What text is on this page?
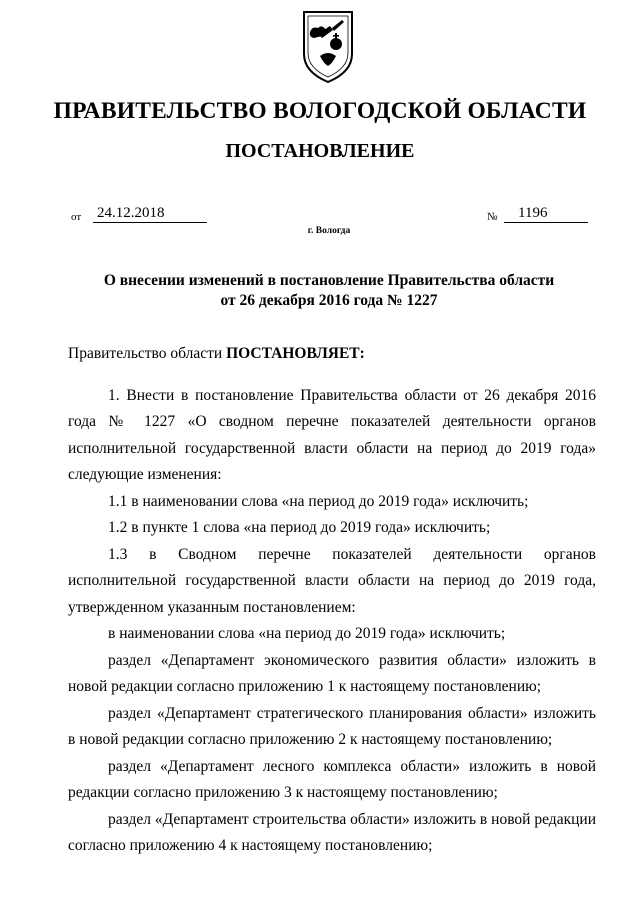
ПРАВИТЕЛЬСТВО ВОЛОГОДСКОЙ ОБЛАСТИ
ПОСТАНОВЛЕНИЕ
от 24.12.2018	№	1196
г. Вологда
О внесении изменений в постановление Правительства области
от 26 декабря 2016 года № 1227

Правительство области ПОСТАНОВЛЯЕТ:

1. Внести в постановление Правительства области от 26 декабря 2016 года № 1227 «О сводном перечне показателей деятельности органов исполнительной государственной власти области на период до 2019 года» следующие изменения:

1.1 в наименовании слова «на период до 2019 года» исключить;

1.2 в пункте 1 слова «на период до 2019 года» исключить;

1.3 в Сводном перечне показателей деятельности органов исполнительной государственной власти области на период до 2019 года, утвержденном указанным постановлением:

в наименовании слова «на период до 2019 года» исключить;

раздел «Департамент экономического развития области» изложить в новой редакции согласно приложению 1 к настоящему постановлению;

раздел «Департамент стратегического планирования области» изложить в новой редакции согласно приложению 2 к настоящему постановлению;

раздел «Департамент лесного комплекса области» изложить в новой редакции согласно приложению 3 к настоящему постановлению;

раздел «Департамент строительства области» изложить в новой редакции согласно приложению 4 к настоящему постановлению;
